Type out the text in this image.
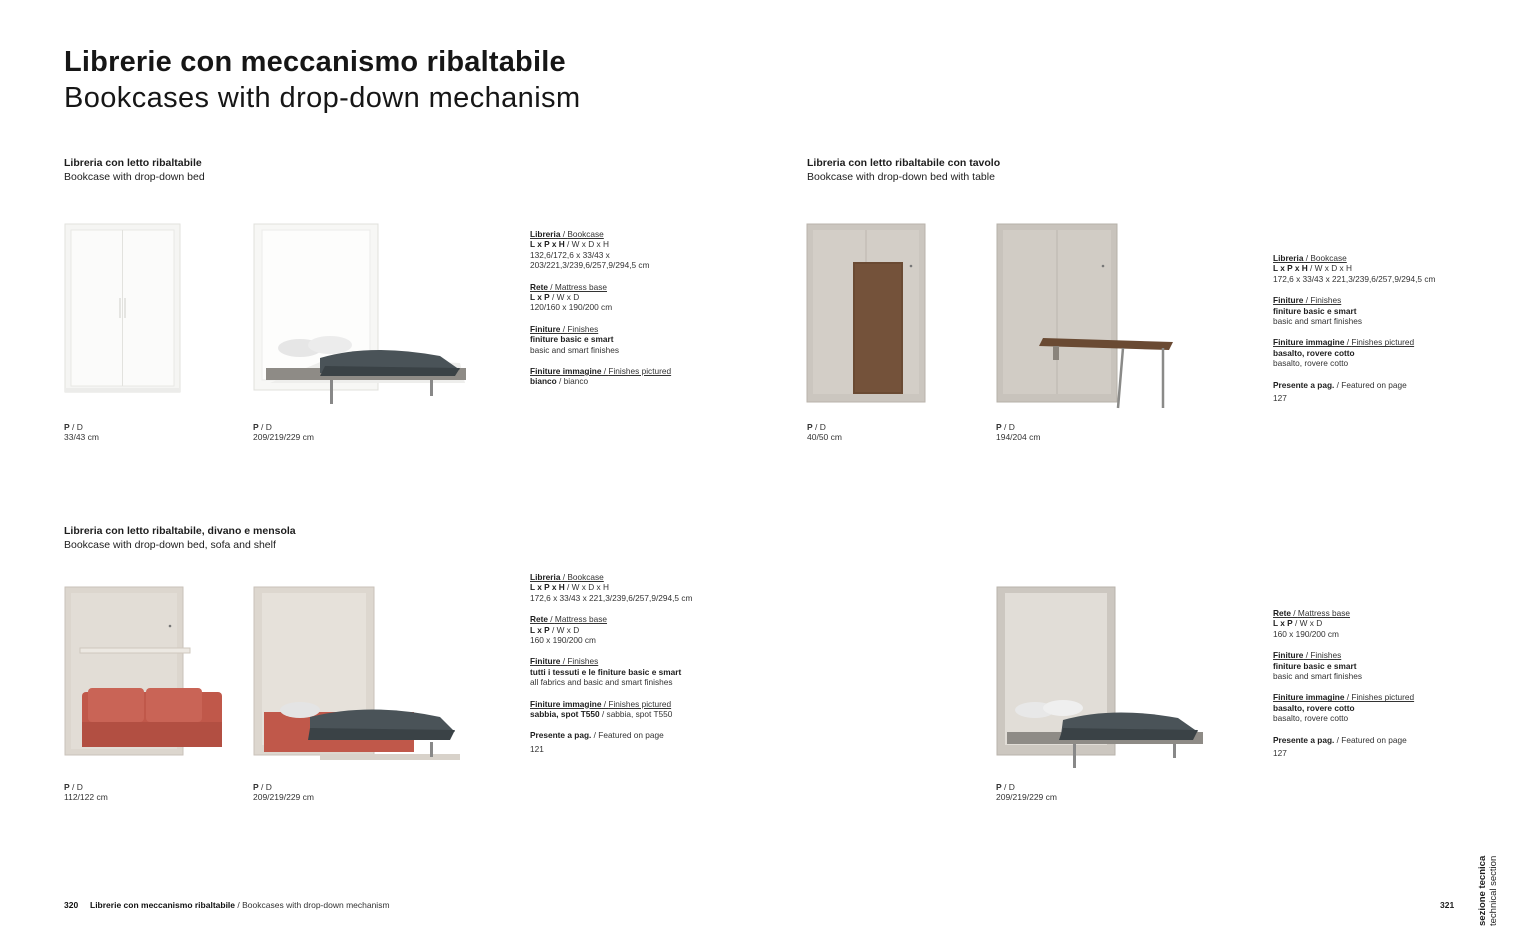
Librerie con meccanismo ribaltabile
Bookcases with drop-down mechanism
Libreria con letto ribaltabile
Bookcase with drop-down bed
P / D
33/43 cm
P / D
209/219/229 cm
Libreria / Bookcase
L x P x H / W x D x H
132,6/172,6 x 33/43 x
203/221,3/239,6/257,9/294,5 cm
Rete / Mattress base
L x P / W x D
120/160 x 190/200 cm
Finiture / Finishes
finiture basic e smart
basic and smart finishes
Finiture immagine / Finishes pictured
bianco / bianco
Libreria con letto ribaltabile con tavolo
Bookcase with drop-down bed with table
P / D
40/50 cm
P / D
194/204 cm
Libreria / Bookcase
L x P x H / W x D x H
172,6 x 33/43 x 221,3/239,6/257,9/294,5 cm
Finiture / Finishes
finiture basic e smart
basic and smart finishes
Finiture immagine / Finishes pictured
basalto, rovere cotto
basalto, rovere cotto
Presente a pag. / Featured on page
127
Libreria con letto ribaltabile, divano e mensola
Bookcase with drop-down bed, sofa and shelf
P / D
112/122 cm
P / D
209/219/229 cm
Libreria / Bookcase
L x P x H / W x D x H
172,6 x 33/43 x 221,3/239,6/257,9/294,5 cm
Rete / Mattress base
L x P / W x D
160 x 190/200 cm
Finiture / Finishes
tutti i tessuti e le finiture basic e smart
all fabrics and basic and smart finishes
Finiture immagine / Finishes pictured
sabbia, spot T550 / sabbia, spot T550
Presente a pag. / Featured on page
121
P / D
209/219/229 cm
Rete / Mattress base
L x P / W x D
160 x 190/200 cm
Finiture / Finishes
finiture basic e smart
basic and smart finishes
Finiture immagine / Finishes pictured
basalto, rovere cotto
basalto, rovere cotto
Presente a pag. / Featured on page
127
320 Librerie con meccanismo ribaltabile / Bookcases with drop-down mechanism	321 sezione tecnica technical section
